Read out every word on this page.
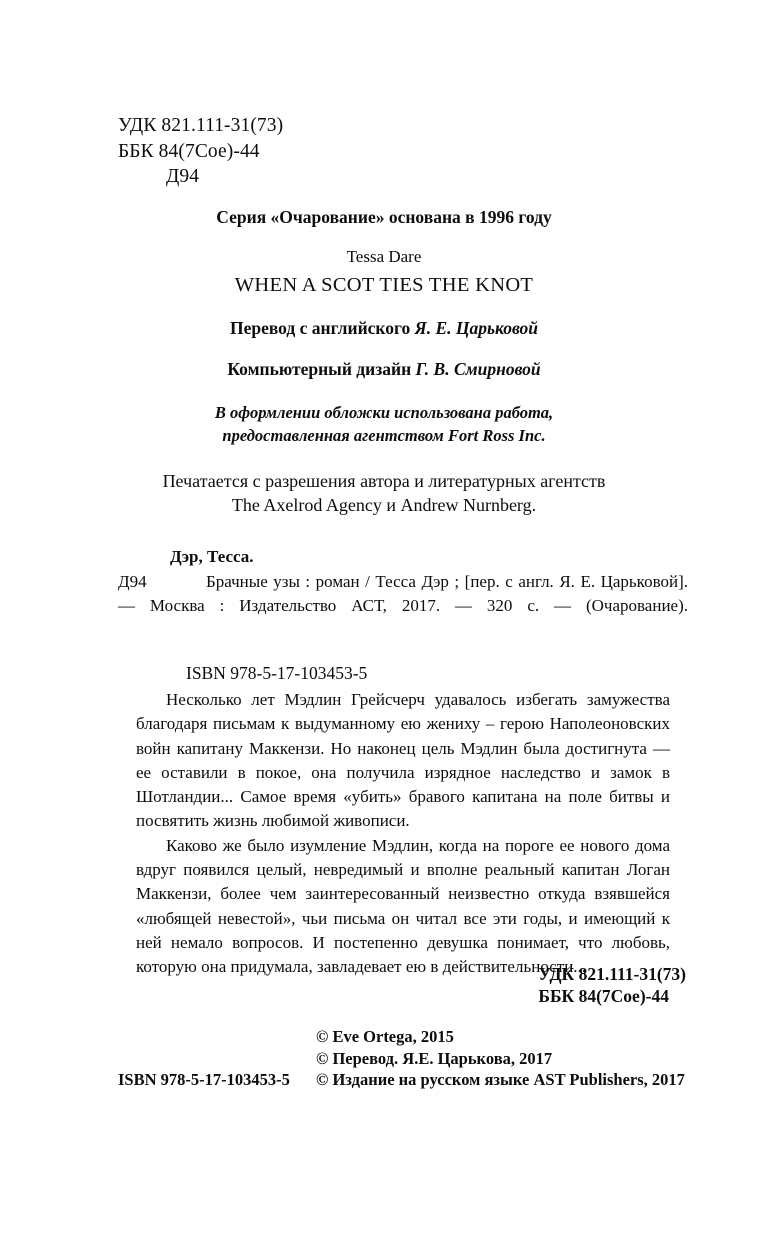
УДК 821.111-31(73)
ББК 84(7Сое)-44
Д94
Серия «Очарование» основана в 1996 году
Tessa Dare
WHEN A SCOT TIES THE KNOT
Перевод с английского Я. Е. Царьковой
Компьютерный дизайн Г. В. Смирновой
В оформлении обложки использована работа,
предоставленная агентством Fort Ross Inc.
Печатается с разрешения автора и литературных агентств
The Axelrod Agency и Andrew Nurnberg.
Дэр, Тесса.
Д94	Брачные узы : роман / Тесса Дэр ; [пер. с англ. Я. Е. Царьковой]. — Москва : Издательство АСТ, 2017. — 320 с. — (Очарование).
ISBN 978-5-17-103453-5

Несколько лет Мэдлин Грейсчерч удавалось избегать замужества благодаря письмам к выдуманному ею жениху – герою Наполеоновских войн капитану Маккензи. Но наконец цель Мэдлин была достигнута — ее оставили в покое, она получила изрядное наследство и замок в Шотландии... Самое время «убить» бравого капитана на поле битвы и посвятить жизнь любимой живописи.

Каково же было изумление Мэдлин, когда на пороге ее нового дома вдруг появился целый, невредимый и вполне реальный капитан Логан Маккензи, более чем заинтересованный неизвестно откуда взявшейся «любящей невестой», чьи письма он читал все эти годы, и имеющий к ней немало вопросов. И постепенно девушка понимает, что любовь, которую она придумала, завладевает ею в действительности...

УДК 821.111-31(73)
ББК 84(7Сое)-44
ISBN 978-5-17-103453-5
© Eve Ortega, 2015
© Перевод. Я.Е. Царькова, 2017
© Издание на русском языке AST Publishers, 2017
